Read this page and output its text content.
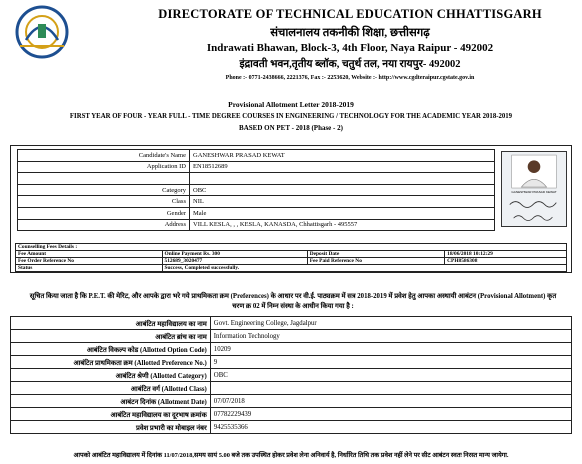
DIRECTORATE OF TECHNICAL EDUCATION CHHATTISGARH
संचालनालय तकनीकी शिक्षा, छत्तीसगढ़
Indrawati Bhawan, Block-3, 4th Floor, Naya Raipur - 492002
इंद्रावती भवन,तृतीय ब्लॉक, चतुर्थ तल, नया रायपुर- 492002
Phone :- 0771-2438666, 2221376, Fax :- 2253620, Website :- http://www.cgdteraipur.cgstate.gov.in
Provisional Allotment Letter 2018-2019
FIRST YEAR OF FOUR - YEAR FULL - TIME DEGREE COURSES IN ENGINEERING / TECHNOLOGY FOR THE ACADEMIC YEAR 2018-2019
BASED ON PET - 2018 (Phase - 2)
Candidate's Name	GANESHWAR PRASAD KEWAT
Application ID	EN18512689

Category	OBC
Class	NIL
Gender	Male
Address	VILL KESLA, , , KESLA, KANASDA, Chhattisgarh - 495557
GANESHWAR PRASAD KEWAT
Counselling Fees Details :			
Fee Amount	Online Payment Rs. 300	Deposit Date	18/06/2018 10:12:29
Fee Order Reference No	512689_3020477	Fee Paid Reference No	CPH8586308
Status	Success, Completed successfully.		
सूचित किया जाता है कि P.E.T. की मेरिट, और आपके द्वारा भरे गये प्राथमिकता क्रम (Preferences) के आधार पर वी.ई. पाठ्यक्रम में सत्र 2018-2019 में प्रवेश हेतु आपका अस्थायी आबंटन (Provisional Allotment) कृत चरण क्र 02 में निम्न संस्था के आधीन किया गया है :
आबंटित महाविद्यालय का नाम	Govt. Engineering College, Jagdalpur
आबंटित ब्रांच का नाम	Information Technology
आबंटित विकल्प कोड (Allotted Option Code)	10209
आबंटित प्राथमिकता क्रम (Allotted Preference No.)	9
आबंटित श्रेणी (Allotted Category)	OBC
आबंटित वर्ग (Allotted Class)	
आबंटन दिनांक (Allotment Date)	07/07/2018
आबंटित महाविद्यालय का दूरभाष क्रमांक	07782229439
प्रवेश प्रभारी का मोबाइल नंबर	9425535366
आपको आबंटित महाविद्यालय में दिनांक 11/07/2018,समय सायं 5.00 बजे तक उपस्थित होकर प्रवेश लेना अनिवार्य है, निर्धारित तिथि तक प्रवेश नहीं लेने पर सीट आबंटन स्वतः निरस्त मान्य जायेगा.
